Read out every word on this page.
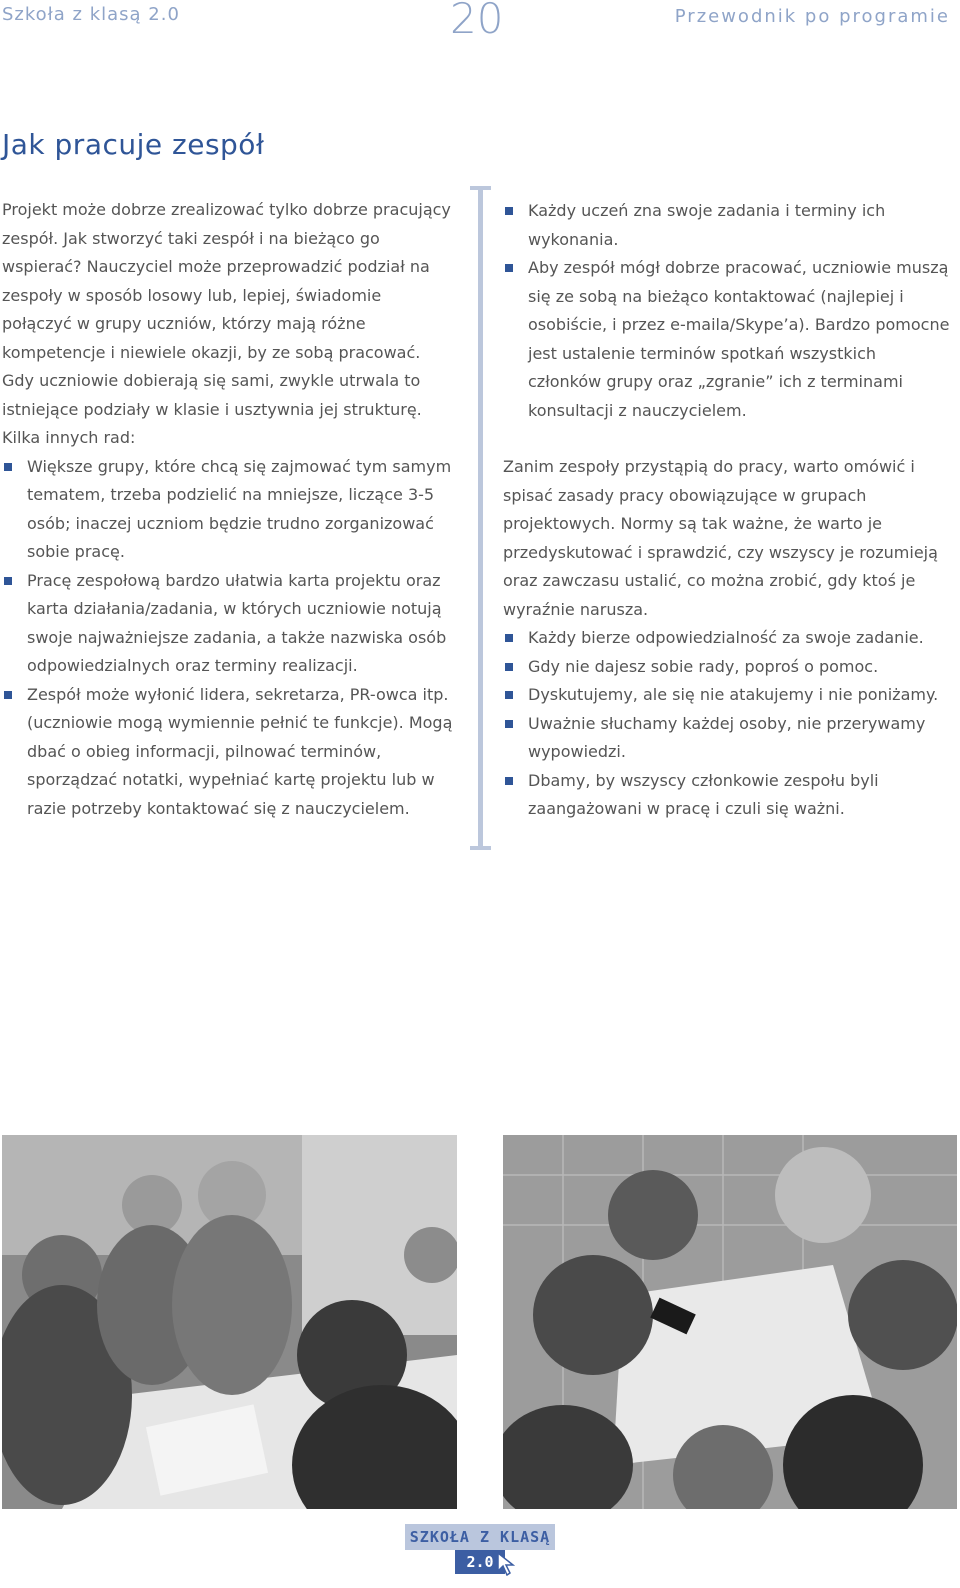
Szkoła z klasą 2.0	20	Przewodnik po programie
Jak pracuje zespół

Projekt może dobrze zrealizować tylko dobrze pracujący zespół. Jak stworzyć taki zespół i na bieżąco go wspierać? Nauczyciel może przeprowadzić podział na zespoły w sposób losowy lub, lepiej, świadomie połączyć w grupy uczniów, którzy mają różne kompetencje i niewiele okazji, by ze sobą pracować. Gdy uczniowie dobierają się sami, zwykle utrwala to istniejące podziały w klasie i usztywnia jej strukturę.

Kilka innych rad:

Większe grupy, które chcą się zajmować tym samym tematem, trzeba podzielić na mniejsze, liczące 3-5 osób; inaczej uczniom będzie trudno zorganizować sobie pracę.
Pracę zespołową bardzo ułatwia karta projektu oraz karta działania/zadania, w których uczniowie notują swoje najważniejsze zadania, a także nazwiska osób odpowiedzialnych oraz terminy realizacji.
Zespół może wyłonić lidera, sekretarza, PR-owca itp. (uczniowie mogą wymiennie pełnić te funkcje). Mogą dbać o obieg informacji, pilnować terminów, sporządzać notatki, wypełniać kartę projektu lub w razie potrzeby kontaktować się z nauczycielem.
Każdy uczeń zna swoje zadania i terminy ich wykonania.
Aby zespół mógł dobrze pracować, uczniowie muszą się ze sobą na bieżąco kontaktować (najlepiej i osobiście, i przez e-maila/Skype’a). Bardzo pomocne jest ustalenie terminów spotkań wszystkich członków grupy oraz „zgranie” ich z terminami konsultacji z nauczycielem.

Zanim zespoły przystąpią do pracy, warto omówić i spisać zasady pracy obowiązujące w grupach projektowych. Normy są tak ważne, że warto je przedyskutować i sprawdzić, czy wszyscy je rozumieją oraz zawczasu ustalić, co można zrobić, gdy ktoś je wyraźnie narusza.

Każdy bierze odpowiedzialność za swoje zadanie.
Gdy nie dajesz sobie rady, poproś o pomoc.
Dyskutujemy, ale się nie atakujemy i nie poniżamy.
Uważnie słuchamy każdej osoby, nie przerywamy wypowiedzi.
Dbamy, by wszyscy członkowie zespołu byli zaangażowani w pracę i czuli się ważni.
SZKOŁA Z KLASĄ
2.0
